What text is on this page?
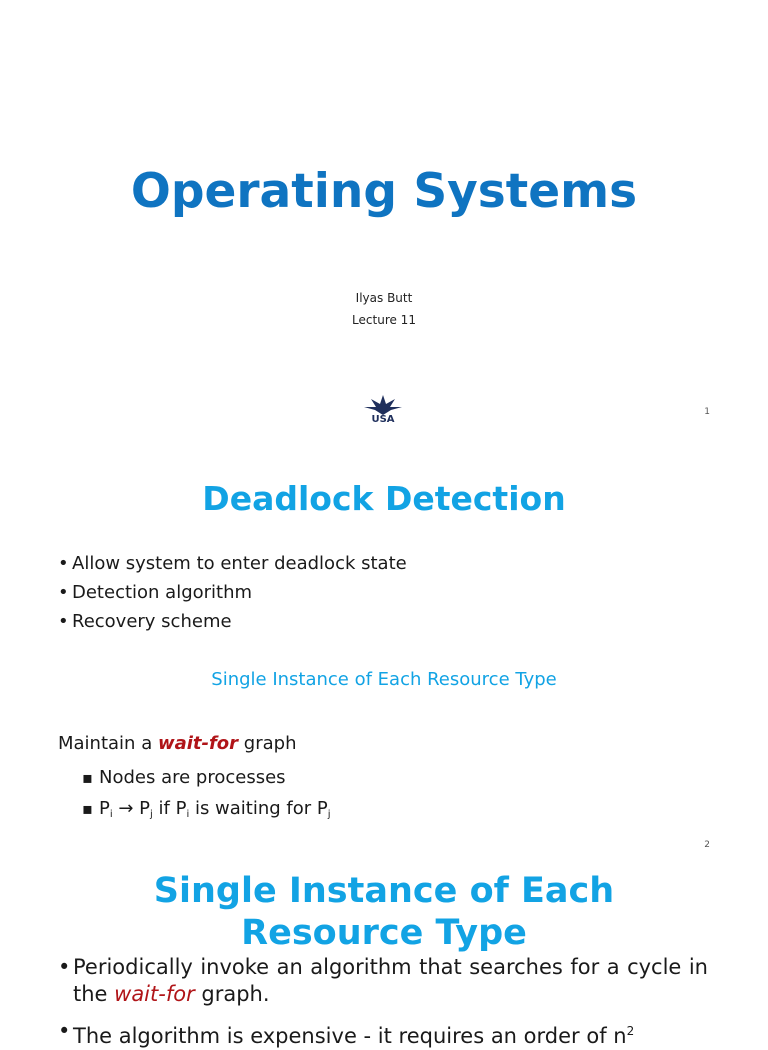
Operating Systems
Ilyas Butt
Lecture 11
USA
1
Deadlock Detection
• Allow system to enter deadlock state
• Detection algorithm
• Recovery scheme
Single Instance of Each Resource Type
Maintain a wait-for graph
▪ Nodes are processes
▪ $P_i \to P_j$ if $P_i$ is waiting for $P_j$
2
Single Instance of Each
Resource Type
• Periodically invoke an algorithm that searches for a cycle in the wait-for graph.
• The algorithm is expensive - it requires an order of $n^2$
